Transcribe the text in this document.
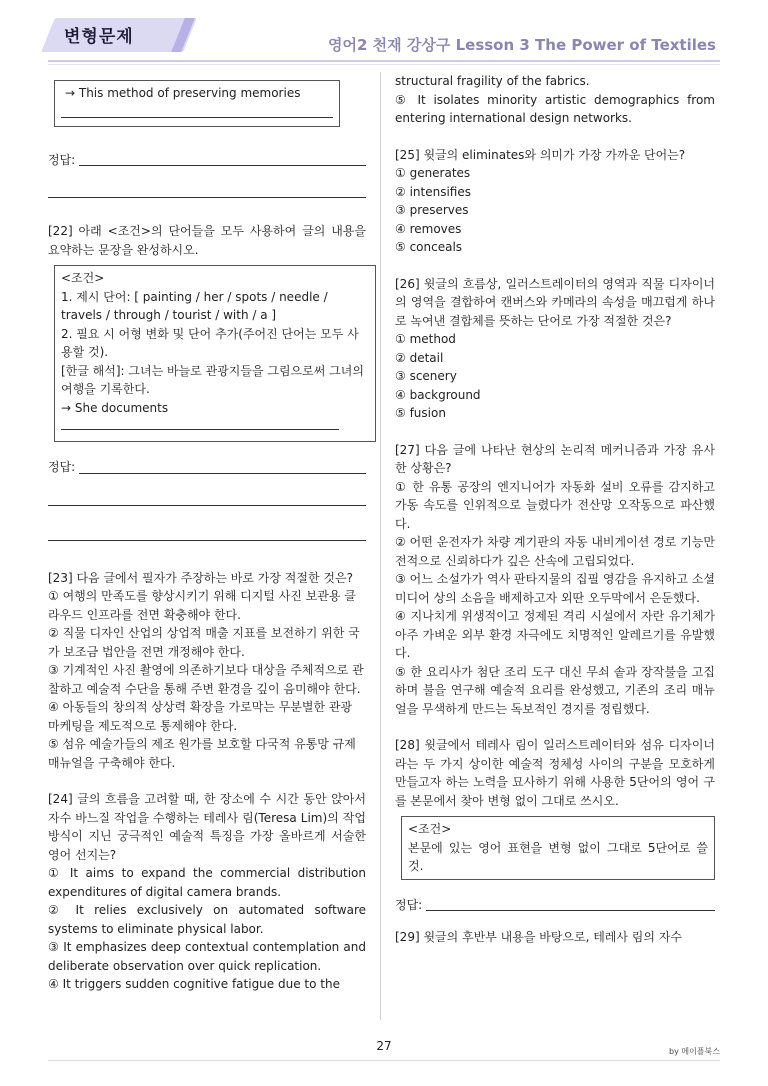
변형문제	영어2 천재 강상구 Lesson 3 The Power of Textiles
→ This method of preserving memories
정답:

[22] 아래 <조건>의 단어들을 모두 사용하여 글의 내용을 요약하는 문장을 완성하시오.

<조건>
1. 제시 단어: [ painting / her / spots / needle / travels / through / tourist / with / a ]
2. 필요 시 어형 변화 및 단어 추가(주어진 단어는 모두 사용할 것).
[한글 해석]: 그녀는 바늘로 관광지들을 그림으로써 그녀의 여행을 기록한다.
→ She documents
정답:

[23] 다음 글에서 필자가 주장하는 바로 가장 적절한 것은?

① 여행의 만족도를 향상시키기 위해 디지털 사진 보관용 클라우드 인프라를 전면 확충해야 한다.

② 직물 디자인 산업의 상업적 매출 지표를 보전하기 위한 국가 보조금 법안을 전면 개정해야 한다.

③ 기계적인 사진 촬영에 의존하기보다 대상을 주체적으로 관찰하고 예술적 수단을 통해 주변 환경을 깊이 음미해야 한다.

④ 아동들의 창의적 상상력 확장을 가로막는 무분별한 관광 마케팅을 제도적으로 통제해야 한다.

⑤ 섬유 예술가들의 제조 원가를 보호할 다국적 유통망 규제 매뉴얼을 구축해야 한다.

[24] 글의 흐름을 고려할 때, 한 장소에 수 시간 동안 앉아서 자수 바느질 작업을 수행하는 테레사 림(Teresa Lim)의 작업 방식이 지닌 궁극적인 예술적 특징을 가장 올바르게 서술한 영어 선지는?

① It aims to expand the commercial distribution expenditures of digital camera brands.

② It relies exclusively on automated software systems to eliminate physical labor.

③ It emphasizes deep contextual contemplation and deliberate observation over quick replication.

④ It triggers sudden cognitive fatigue due to the

structural fragility of the fabrics.

⑤ It isolates minority artistic demographics from entering international design networks.

[25] 윗글의 eliminates와 의미가 가장 가까운 단어는?

① generates

② intensifies

③ preserves

④ removes

⑤ conceals

[26] 윗글의 흐름상, 일러스트레이터의 영역과 직물 디자이너의 영역을 결합하여 캔버스와 카메라의 속성을 매끄럽게 하나로 녹여낸 결합체를 뜻하는 단어로 가장 적절한 것은?

① method

② detail

③ scenery

④ background

⑤ fusion

[27] 다음 글에 나타난 현상의 논리적 메커니즘과 가장 유사한 상황은?

① 한 유통 공장의 엔지니어가 자동화 설비 오류를 감지하고 가동 속도를 인위적으로 늘렸다가 전산망 오작동으로 파산했다.

② 어떤 운전자가 차량 계기판의 자동 내비게이션 경로 기능만 전적으로 신뢰하다가 깊은 산속에 고립되었다.

③ 어느 소설가가 역사 판타지물의 집필 영감을 유지하고 소셜 미디어 상의 소음을 배제하고자 외딴 오두막에서 은둔했다.

④ 지나치게 위생적이고 정제된 격리 시설에서 자란 유기체가 아주 가벼운 외부 환경 자극에도 치명적인 알레르기를 유발했다.

⑤ 한 요리사가 첨단 조리 도구 대신 무쇠 솥과 장작불을 고집하며 불을 연구해 예술적 요리를 완성했고, 기존의 조리 매뉴얼을 무색하게 만드는 독보적인 경지를 정립했다.

[28] 윗글에서 테레사 림이 일러스트레이터와 섬유 디자이너라는 두 가지 상이한 예술적 정체성 사이의 구분을 모호하게 만들고자 하는 노력을 묘사하기 위해 사용한 5단어의 영어 구를 본문에서 찾아 변형 없이 그대로 쓰시오.

<조건>
본문에 있는 영어 표현을 변형 없이 그대로 5단어로 쓸 것.
정답:

[29] 윗글의 후반부 내용을 바탕으로, 테레사 림의 자수

27	by 메이플북스
